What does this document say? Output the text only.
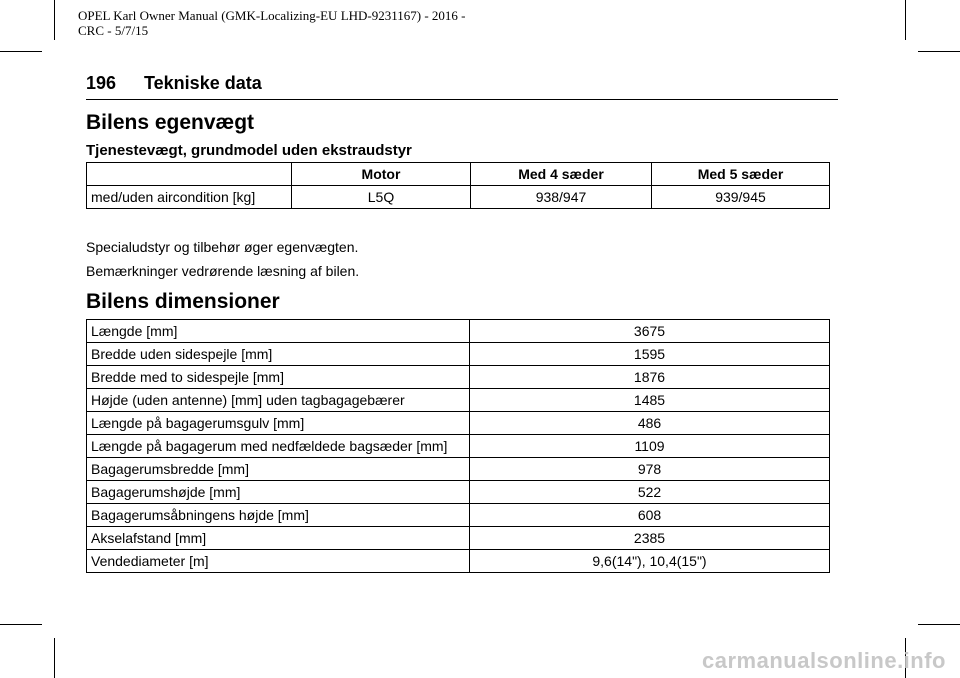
OPEL Karl Owner Manual (GMK-Localizing-EU LHD-9231167) - 2016 -
CRC - 5/7/15
196 Tekniske data
Bilens egenvægt
Tjenestevægt, grundmodel uden ekstraudstyr
	Motor	Med 4 sæder	Med 5 sæder
med/uden aircondition [kg]	L5Q	938/947	939/945

Specialudstyr og tilbehør øger egenvægten.

Bemærkninger vedrørende læsning af bilen.

Bilens dimensioner
Længde [mm]	3675
Bredde uden sidespejle [mm]	1595
Bredde med to sidespejle [mm]	1876
Højde (uden antenne) [mm] uden tagbagagebærer	1485
Længde på bagagerumsgulv [mm]	486
Længde på bagagerum med nedfældede bagsæder [mm]	1109
Bagagerumsbredde [mm]	978
Bagagerumshøjde [mm]	522
Bagagerumsåbningens højde [mm]	608
Akselafstand [mm]	2385
Vendediameter [m]	9,6(14"), 10,4(15")
carmanualsonline.info
